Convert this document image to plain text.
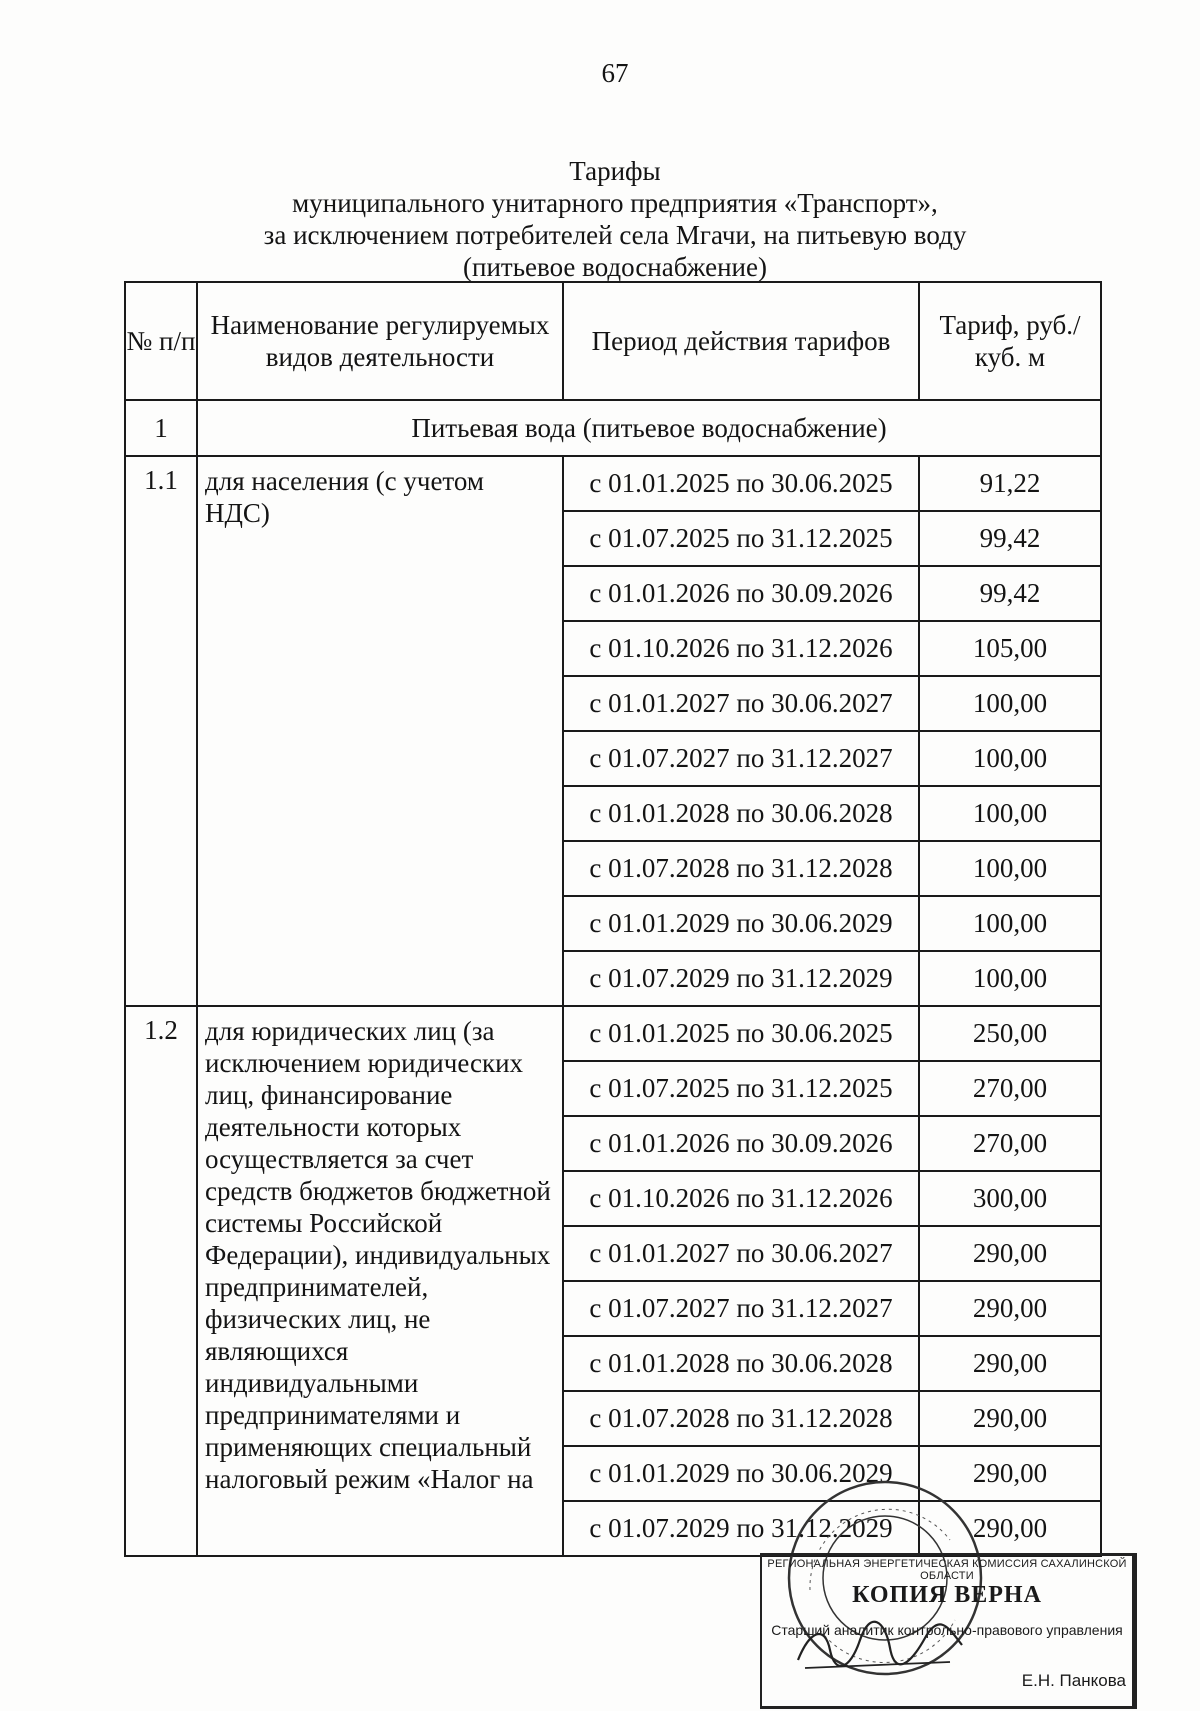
67
Тарифы
муниципального унитарного предприятия «Транспорт»,
за исключением потребителей села Мгачи, на питьевую воду
(питьевое водоснабжение)
№ п/п	Наименование регулируемых видов деятельности	Период действия тарифов	Тариф, руб./куб. м
1	Питьевая вода (питьевое водоснабжение)		
1.1	для населения (с учетом НДС)	с 01.01.2025 по 30.06.2025	91,22
		с 01.07.2025 по 31.12.2025	99,42
		с 01.01.2026 по 30.09.2026	99,42
		с 01.10.2026 по 31.12.2026	105,00
		с 01.01.2027 по 30.06.2027	100,00
		с 01.07.2027 по 31.12.2027	100,00
		с 01.01.2028 по 30.06.2028	100,00
		с 01.07.2028 по 31.12.2028	100,00
		с 01.01.2029 по 30.06.2029	100,00
		с 01.07.2029 по 31.12.2029	100,00
1.2	для юридических лиц (за исключением юридических лиц, финансирование деятельности которых осуществляется за счет средств бюджетов бюджетной системы Российской Федерации), индивидуальных предпринимателей, физических лиц, не являющихся индивидуальными предпринимателями и применяющих специальный налоговый режим «Налог на	с 01.01.2025 по 30.06.2025	250,00
		с 01.07.2025 по 31.12.2025	270,00
		с 01.01.2026 по 30.09.2026	270,00
		с 01.10.2026 по 31.12.2026	300,00
		с 01.01.2027 по 30.06.2027	290,00
		с 01.07.2027 по 31.12.2027	290,00
		с 01.01.2028 по 30.06.2028	290,00
		с 01.07.2028 по 31.12.2028	290,00
		с 01.01.2029 по 30.06.2029	290,00
		с 01.07.2029 по 31.12.2029	290,00
РЕГИОНАЛЬНАЯ ЭНЕРГЕТИЧЕСКАЯ КОМИССИЯ САХАЛИНСКОЙ ОБЛАСТИ
КОПИЯ ВЕРНА
Старший аналитик контрольно-правового управления
Е.Н. Панкова
